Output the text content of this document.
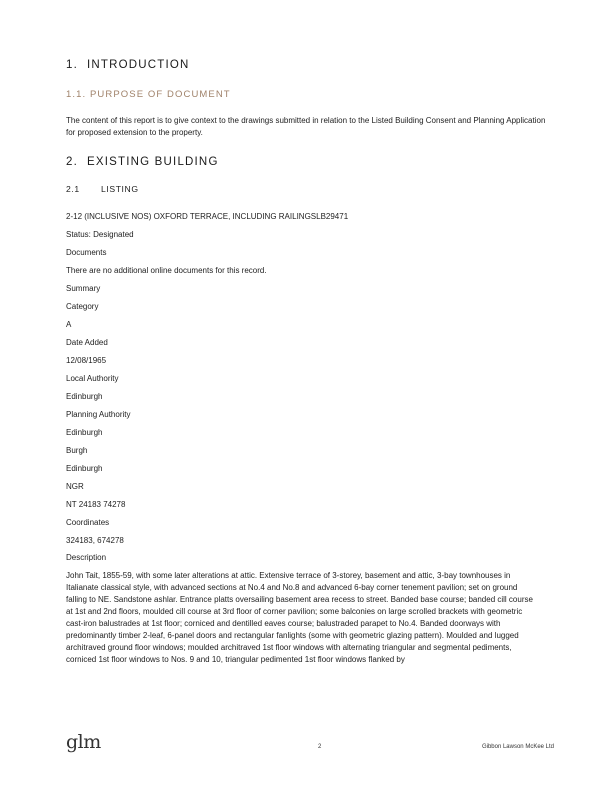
1. INTRODUCTION
1.1. PURPOSE OF DOCUMENT
The content of this report is to give context to the drawings submitted in relation to the Listed Building Consent and Planning Application for proposed extension to the property.
2. EXISTING BUILDING
2.1 LISTING
2-12 (INCLUSIVE NOS) OXFORD TERRACE, INCLUDING RAILINGSLB29471
Status: Designated
Documents
There are no additional online documents for this record.
Summary
Category
A
Date Added
12/08/1965
Local Authority
Edinburgh
Planning Authority
Edinburgh
Burgh
Edinburgh
NGR
NT 24183 74278
Coordinates
324183, 674278
Description
John Tait, 1855-59, with some later alterations at attic. Extensive terrace of 3-storey, basement and attic, 3-bay townhouses in Italianate classical style, with advanced sections at No.4 and No.8 and advanced 6-bay corner tenement pavilion; set on ground falling to NE. Sandstone ashlar. Entrance platts oversailing basement area recess to street. Banded base course; banded cill course at 1st and 2nd floors, moulded cill course at 3rd floor of corner pavilion; some balconies on large scrolled brackets with geometric cast-iron balustrades at 1st floor; corniced and dentilled eaves course; balustraded parapet to No.4. Banded doorways with predominantly timber 2-leaf, 6-panel doors and rectangular fanlights (some with geometric glazing pattern). Moulded and lugged architraved ground floor windows; moulded architraved 1st floor windows with alternating triangular and segmental pediments, corniced 1st floor windows to Nos. 9 and 10, triangular pedimented 1st floor windows flanked by
glm	2	Gibbon Lawson McKee Ltd
